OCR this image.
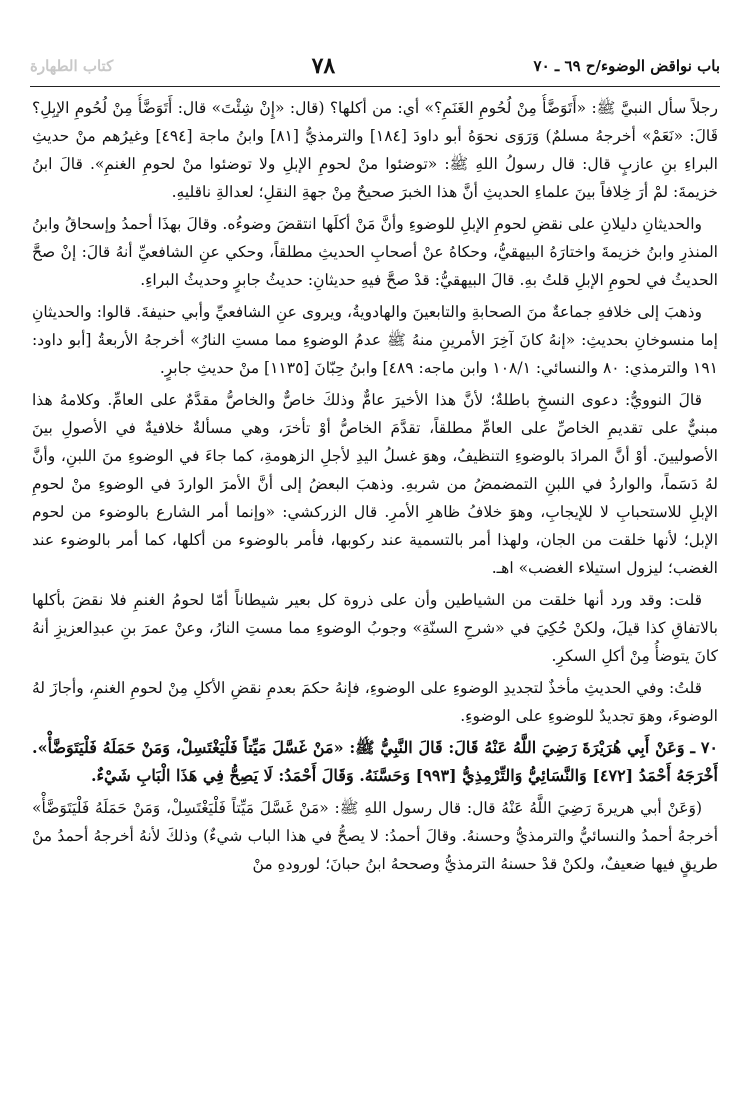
باب نواقض الوضوء/ح ٦٩ ـ ٧٠
٧٨
كتاب الطهارة

رجلاً سأل النبيَّ ﷺ: «أَتَوَضَّأُ مِنْ لُحُومِ الغَنَمِ؟» أي: من أكلها؟ (قال: «إِنْ شِئْتَ» قال: أَتَوَضَّأُ مِنْ لُحُومِ الإبِلِ؟ قَالَ: «نَعَمْ» أخرجهُ مسلمٌ) وَرَوَى نحوَهُ أبو داودَ [١٨٤] والترمذيُّ [٨١] وابنُ ماجة [٤٩٤] وغيرُهم منْ حديثِ البراءِ بنِ عازبٍ قال: قال رسولُ اللهِ ﷺ: «توضئوا منْ لحومِ الإبلِ ولا توضئوا منْ لحومِ الغنمِ». قالَ ابنُ خزيمةَ: لمْ أرَ خِلافاً بينَ علماءِ الحديثِ أنَّ هذا الخبرَ صحيحٌ مِنْ جهةِ النقلِ؛ لعدالةِ ناقليهِ.

والحديثانِ دليلانِ على نقضِ لحومِ الإبلِ للوضوءِ وأنَّ مَنْ أكلَها انتقضَ وضوءُه. وقالَ بهذَا أحمدُ وإسحاقُ وابنُ المنذرِ وابنُ خزيمةَ واختارَهُ البيهقيُّ، وحكاهُ عنْ أصحابِ الحديثِ مطلقاً، وحكي عنِ الشافعيِّ أنهُ قالَ: إنْ صحَّ الحديثُ في لحومِ الإبلِ قلتُ بهِ. قالَ البيهقيُّ: قدْ صحَّ فيهِ حديثانِ: حديثُ جابرٍ وحديثُ البراءِ.

وذهبَ إلى خلافهِ جماعةٌ منَ الصحابةِ والتابعينَ والهادويةُ، ويروى عنِ الشافعيِّ وأبي حنيفةَ. قالوا: والحديثانِ إما منسوخانِ بحديثِ: «إنهُ كانَ آخِرَ الأمرينِ منهُ ﷺ عدمُ الوضوءِ مما مستِ النارُ» أخرجهُ الأربعةُ [أبو داود: ١٩١ والترمذي: ٨٠ والنسائي: ١٠٨/١ وابن ماجه: ٤٨٩] وابنُ حِبّانَ [١١٣٥] منْ حديثِ جابرٍ.

قالَ النوويُّ: دعوى النسخِ باطلةٌ؛ لأنَّ هذا الأخيرَ عامٌّ وذلكَ خاصٌّ والخاصُّ مقدَّمٌ على العامِّ. وكلامهُ هذا مبنيٌّ على تقديمِ الخاصِّ على العامِّ مطلقاً، تقدَّمَ الخاصُّ أوْ تأخرَ، وهي مسألةٌ خلافيةٌ في الأصولِ بينَ الأصوليينَ. أوْ أنَّ المرادَ بالوضوءِ التنظيفُ، وهوَ غسلُ اليدِ لأجلِ الزهومةِ، كما جاءَ في الوضوءِ منَ اللبنِ، وأنَّ لهُ دَسَماً، والواردُ في اللبنِ التمضمضُ من شربهِ. وذهبَ البعضُ إلى أنَّ الأمرَ الواردَ في الوضوءِ منْ لحومِ الإبلِ للاستحبابِ لا للإيجابِ، وهوَ خلافُ ظاهرِ الأمرِ. قال الزركشي: «وإنما أمر الشارع بالوضوء من لحوم الإبل؛ لأنها خلقت من الجان، ولهذا أمر بالتسمية عند ركوبها، فأمر بالوضوء من أكلها، كما أمر بالوضوء عند الغضب؛ ليزول استيلاء الغضب» اهـ.

قلت: وقد ورد أنها خلقت من الشياطين وأن على ذروة كل بعير شيطاناً أمّا لحومُ الغنمِ فلا نقضَ بأكلها بالاتفاقِ كذا قيلَ، ولكنْ حُكِيَ في «شرحِ السنّةِ» وجوبُ الوضوءِ مما مستِ النارُ، وعنْ عمرَ بنِ عبدِالعزيزِ أنهُ كانَ يتوضأُ مِنْ أكلِ السكرِ.

قلتُ: وفي الحديثِ مأخذٌ لتجديدِ الوضوءِ على الوضوءِ، فإنهُ حكمَ بعدمِ نقضِ الأكلِ مِنْ لحومِ الغنمِ، وأجازَ لهُ الوضوءَ، وهوَ تجديدٌ للوضوءِ على الوضوءِ.

٧٠ ـ وَعَنْ أَبِي هُرَيْرَةَ رَضِيَ اللَّهُ عَنْهُ قَالَ: قَالَ النَّبِيُّ ﷺ: «مَنْ غَسَّلَ مَيِّتاً فَلْيَغْتَسِلْ، وَمَنْ حَمَلَهُ فَلْيَتَوَضَّأْ». أَخْرَجَهُ أَحْمَدُ [٤٧٢] وَالنَّسَائِيُّ وَالتِّرْمِذِيُّ [٩٩٣] وَحَسَّنَهُ. وَقَالَ أَحْمَدُ: لَا يَصِحُّ فِي هَذَا الْبَابِ شَيْءٌ.

(وَعَنْ أبي هريرةَ رَضِيَ اللَّهُ عَنْهُ قال: قال رسول اللهِ ﷺ: «مَنْ غَسَّلَ مَيِّتاً فَلْيَغْتَسِلْ، وَمَنْ حَمَلَهُ فَلْيَتَوَضَّأْ» أخرجهُ أحمدُ والنسائيُّ والترمذيُّ وحسنهُ. وقالَ أحمدُ: لا يصحُّ في هذا الباب شيءٌ) وذلكَ لأنهُ أخرجهُ أحمدُ منْ طريقٍ فيها ضعيفٌ، ولكنْ قدْ حسنهُ الترمذيُّ وصححهُ ابنُ حبانَ؛ لورودهِ منْ
